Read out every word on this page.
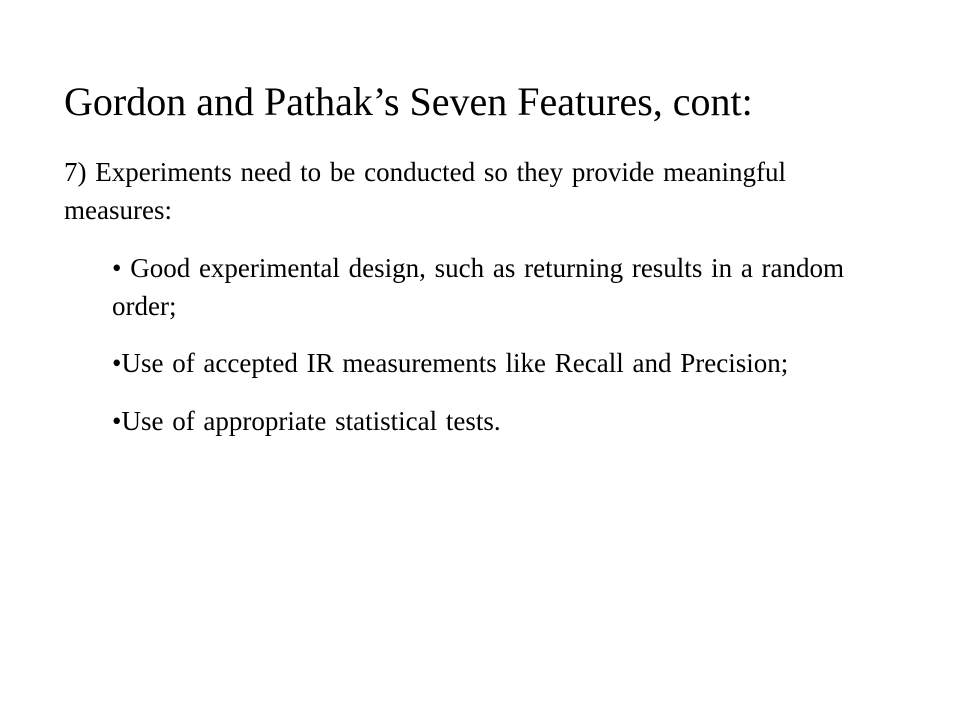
Gordon and Pathak’s Seven Features, cont:

7) Experiments need to be conducted so they provide meaningful measures:

• Good experimental design, such as returning results in a random order;
•Use of accepted IR measurements like Recall and Precision;
•Use of appropriate statistical tests.
